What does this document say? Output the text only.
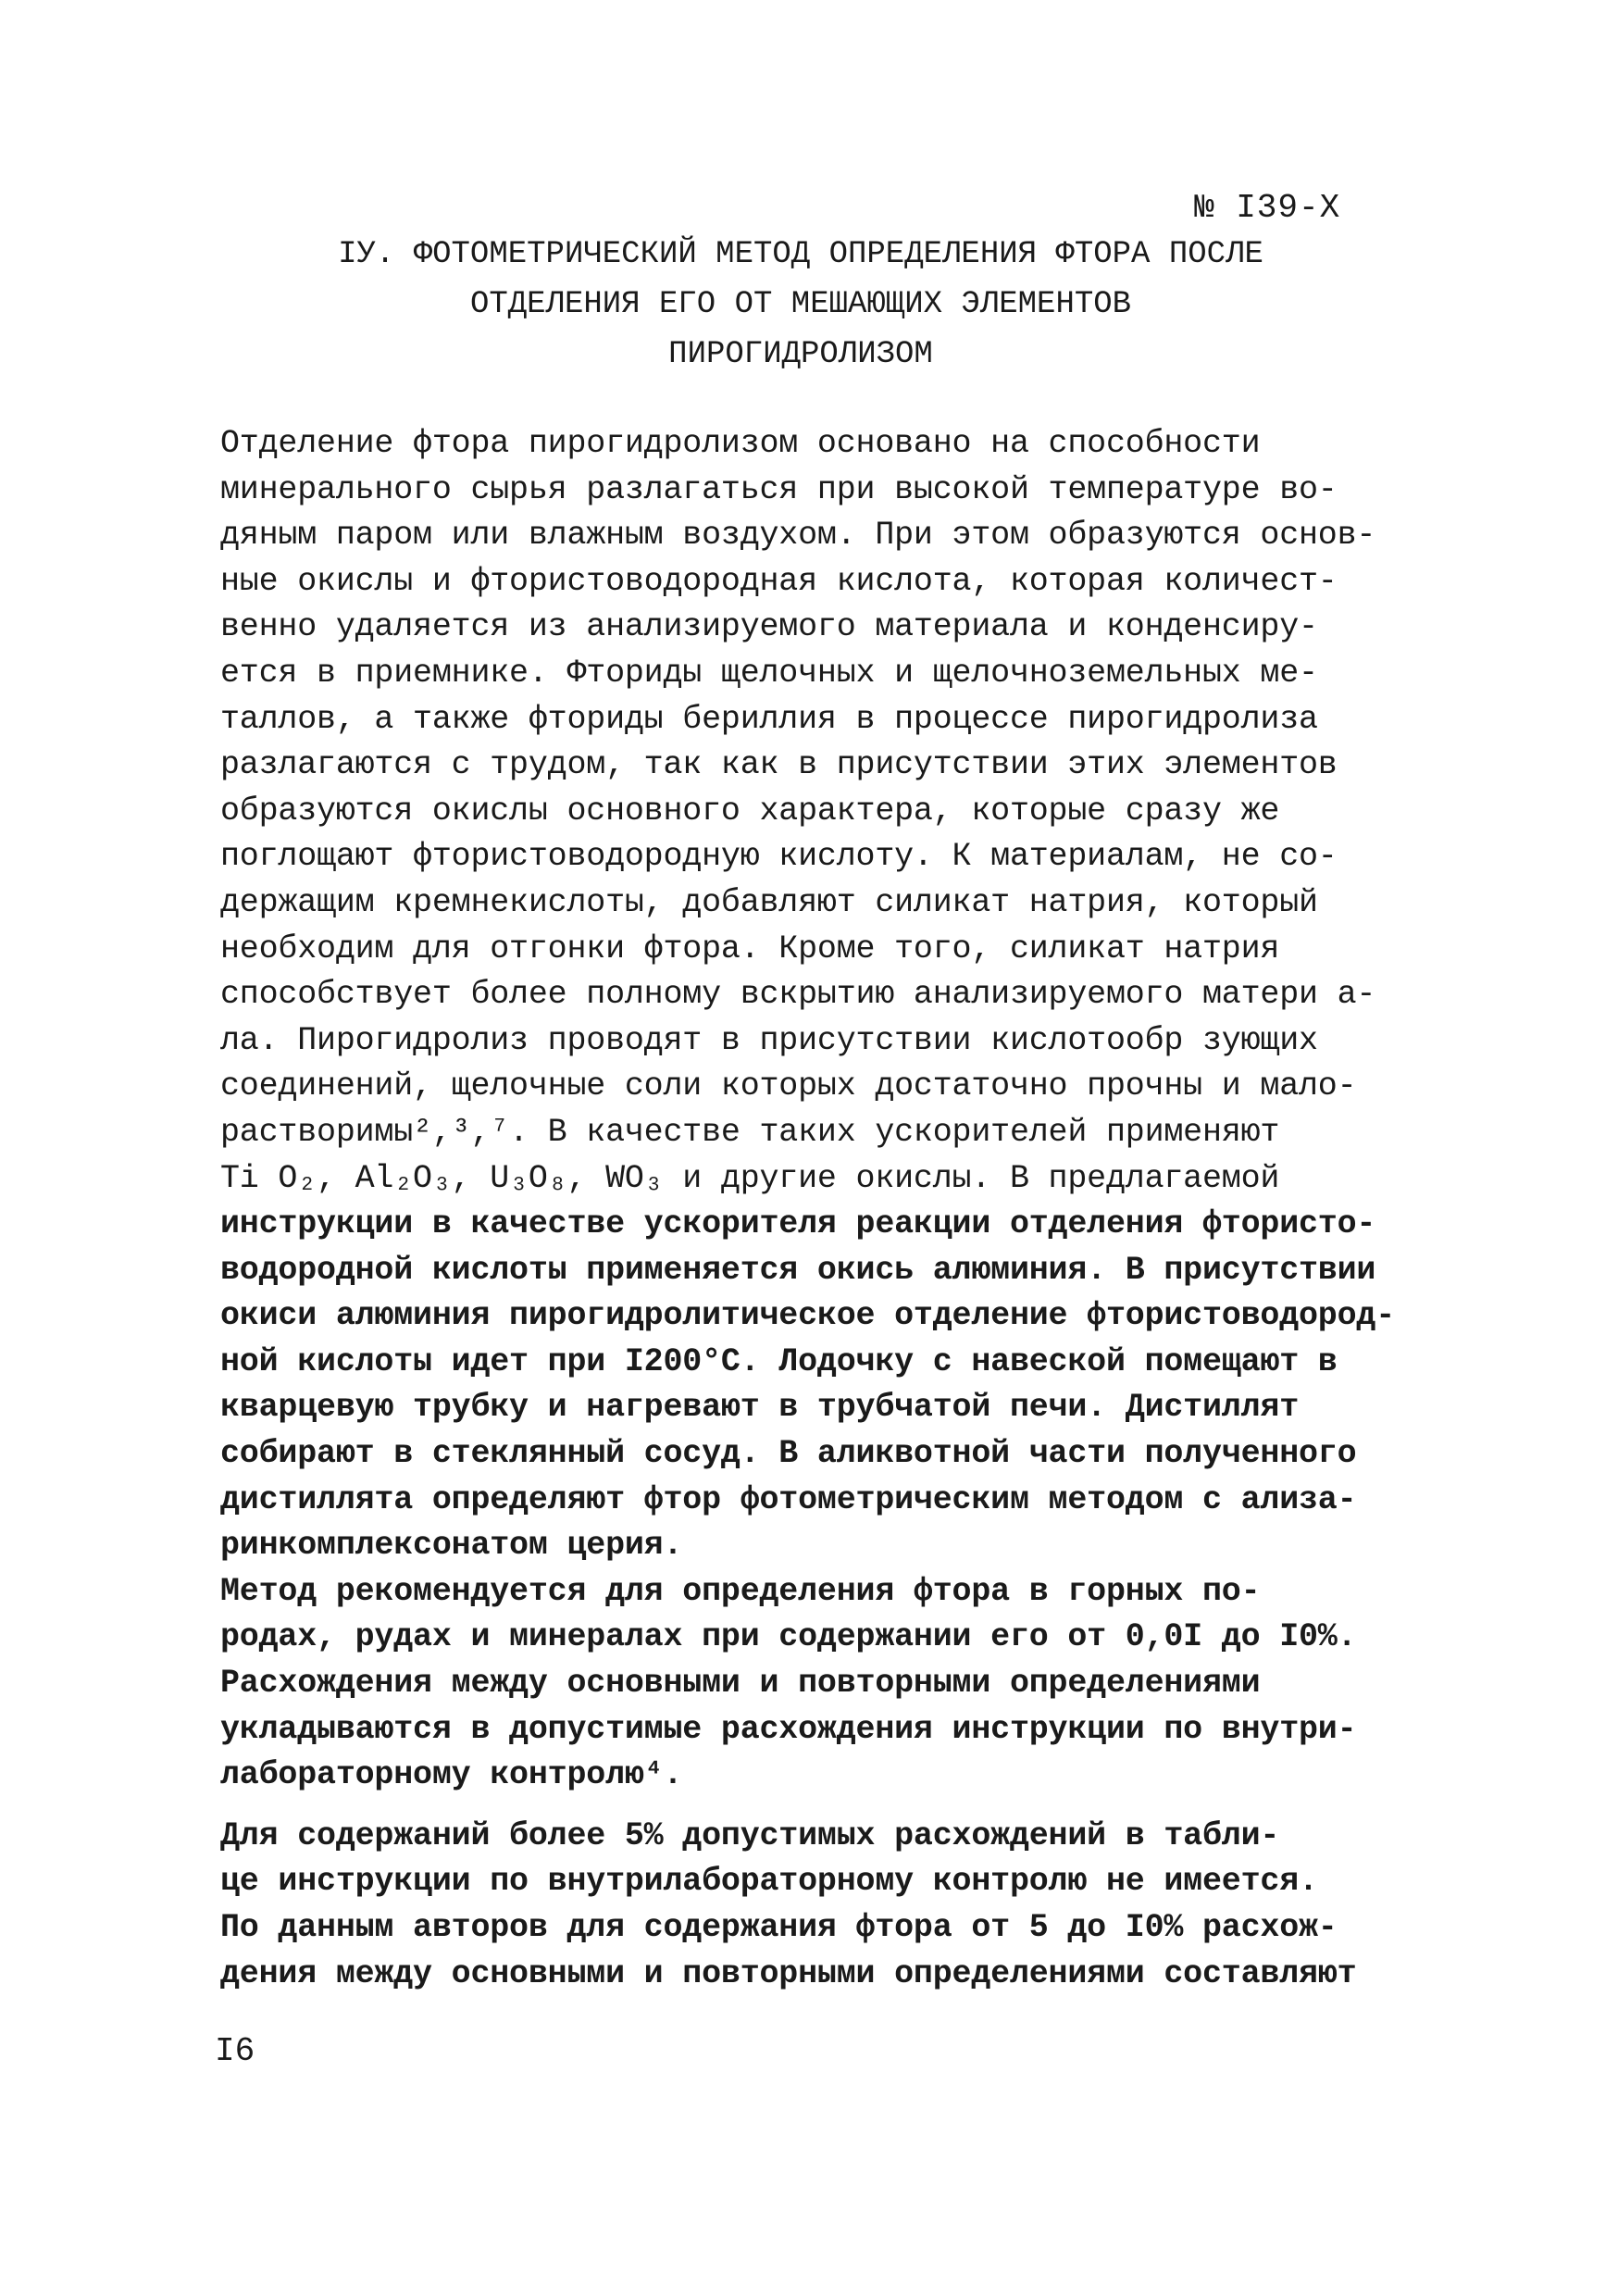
№ I39-X
IУ. ФОТОМЕТРИЧЕСКИЙ МЕТОД ОПРЕДЕЛЕНИЯ ФТОРА ПОСЛЕ
ОТДЕЛЕНИЯ ЕГО ОТ МЕШАЮЩИХ ЭЛЕМЕНТОВ
ПИРОГИДРОЛИЗОМ
Отделение фтора пирогидролизом основано на способности
минерального сырья разлагаться при высокой температуре во-
дяным паром или влажным воздухом. При этом образуются основ-
ные окислы и фтористоводородная кислота, которая количест-
венно удаляется из анализируемого материала и конденсиру-
ется в приемнике. Фториды щелочных и щелочноземельных ме-
таллов, а также фториды бериллия в процессе пирогидролиза
разлагаются с трудом, так как в присутствии этих элементов
образуются окислы основного характера, которые сразу же
поглощают фтористоводородную кислоту. К материалам, не со-
держащим кремнекислоты, добавляют силикат натрия, который
необходим для отгонки фтора. Кроме того, силикат натрия
способствует более полному вскрытию анализируемого матери а-
ла. Пирогидролиз проводят в присутствии кислотообр зующих
соединений, щелочные соли которых достаточно прочны и мало-
растворимы²,³,⁷. В качестве таких ускорителей применяют
Ti O₂, Al₂O₃, U₃O₈, WO₃ и другие окислы. В предлагаемой
инструкции в качестве ускорителя реакции отделения фтористо-
водородной кислоты применяется окись алюминия. В присутствии
окиси алюминия пирогидролитическое отделение фтористоводород-
ной кислоты идет при I200°С. Лодочку с навеской помещают в
кварцевую трубку и нагревают в трубчатой печи. Дистиллят
собирают в стеклянный сосуд. В аликвотной части полученного
дистиллята определяют фтор фотометрическим методом с ализа-
ринкомплексонатом церия.
Метод рекомендуется для определения фтора в горных по-
родах, рудах и минералах при содержании его от 0,0I до I0%.
Расхождения между основными и повторными определениями
укладываются в допустимые расхождения инструкции по внутри-
лабораторному контролю⁴.
Для содержаний более 5% допустимых расхождений в табли-
це инструкции по внутрилабораторному контролю не имеется.
По данным авторов для содержания фтора от 5 до I0% расхож-
дения между основными и повторными определениями составляют
I6
